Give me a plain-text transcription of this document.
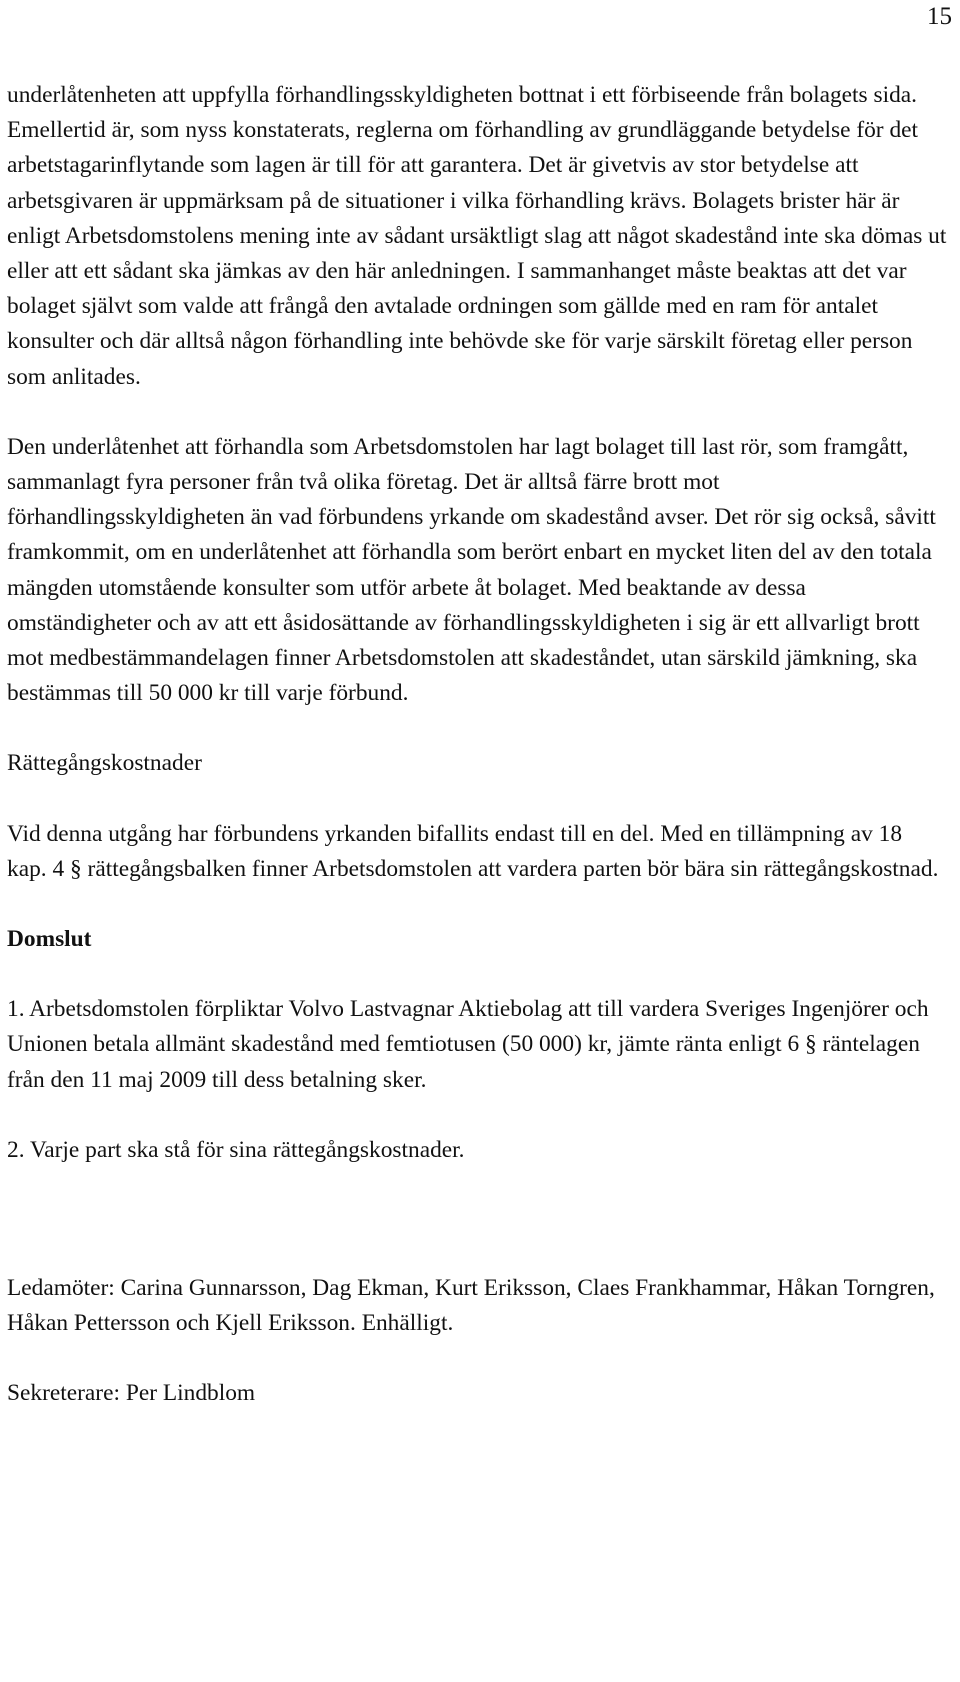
15

underlåtenheten att uppfylla förhandlingsskyldigheten bottnat i ett förbiseende från bolagets sida. Emellertid är, som nyss konstaterats, reglerna om förhandling av grundläggande betydelse för det arbetstagarinflytande som lagen är till för att garantera. Det är givetvis av stor betydelse att arbetsgivaren är uppmärksam på de situationer i vilka förhandling krävs. Bolagets brister här är enligt Arbetsdomstolens mening inte av sådant ursäktligt slag att något skadestånd inte ska dömas ut eller att ett sådant ska jämkas av den här anledningen. I sammanhanget måste beaktas att det var bolaget självt som valde att frångå den avtalade ordningen som gällde med en ram för antalet konsulter och där alltså någon förhandling inte behövde ske för varje särskilt företag eller person som anlitades.

Den underlåtenhet att förhandla som Arbetsdomstolen har lagt bolaget till last rör, som framgått, sammanlagt fyra personer från två olika företag. Det är alltså färre brott mot förhandlingsskyldigheten än vad förbundens yrkande om skadestånd avser. Det rör sig också, såvitt framkommit, om en underlåtenhet att förhandla som berört enbart en mycket liten del av den totala mängden utomstående konsulter som utför arbete åt bolaget. Med beaktande av dessa omständigheter och av att ett åsidosättande av förhandlingsskyldigheten i sig är ett allvarligt brott mot medbestämmandelagen finner Arbetsdomstolen att skadeståndet, utan särskild jämkning, ska bestämmas till 50 000 kr till varje förbund.

Rättegångskostnader

Vid denna utgång har förbundens yrkanden bifallits endast till en del. Med en tillämpning av 18 kap. 4 § rättegångsbalken finner Arbetsdomstolen att vardera parten bör bära sin rättegångskostnad.

Domslut

1. Arbetsdomstolen förpliktar Volvo Lastvagnar Aktiebolag att till vardera Sveriges Ingenjörer och Unionen betala allmänt skadestånd med femtiotusen (50 000) kr, jämte ränta enligt 6 § räntelagen från den 11 maj 2009 till dess betalning sker.

2. Varje part ska stå för sina rättegångskostnader.

Ledamöter: Carina Gunnarsson, Dag Ekman, Kurt Eriksson, Claes Frankhammar, Håkan Torngren, Håkan Pettersson och Kjell Eriksson. Enhälligt.

Sekreterare: Per Lindblom
